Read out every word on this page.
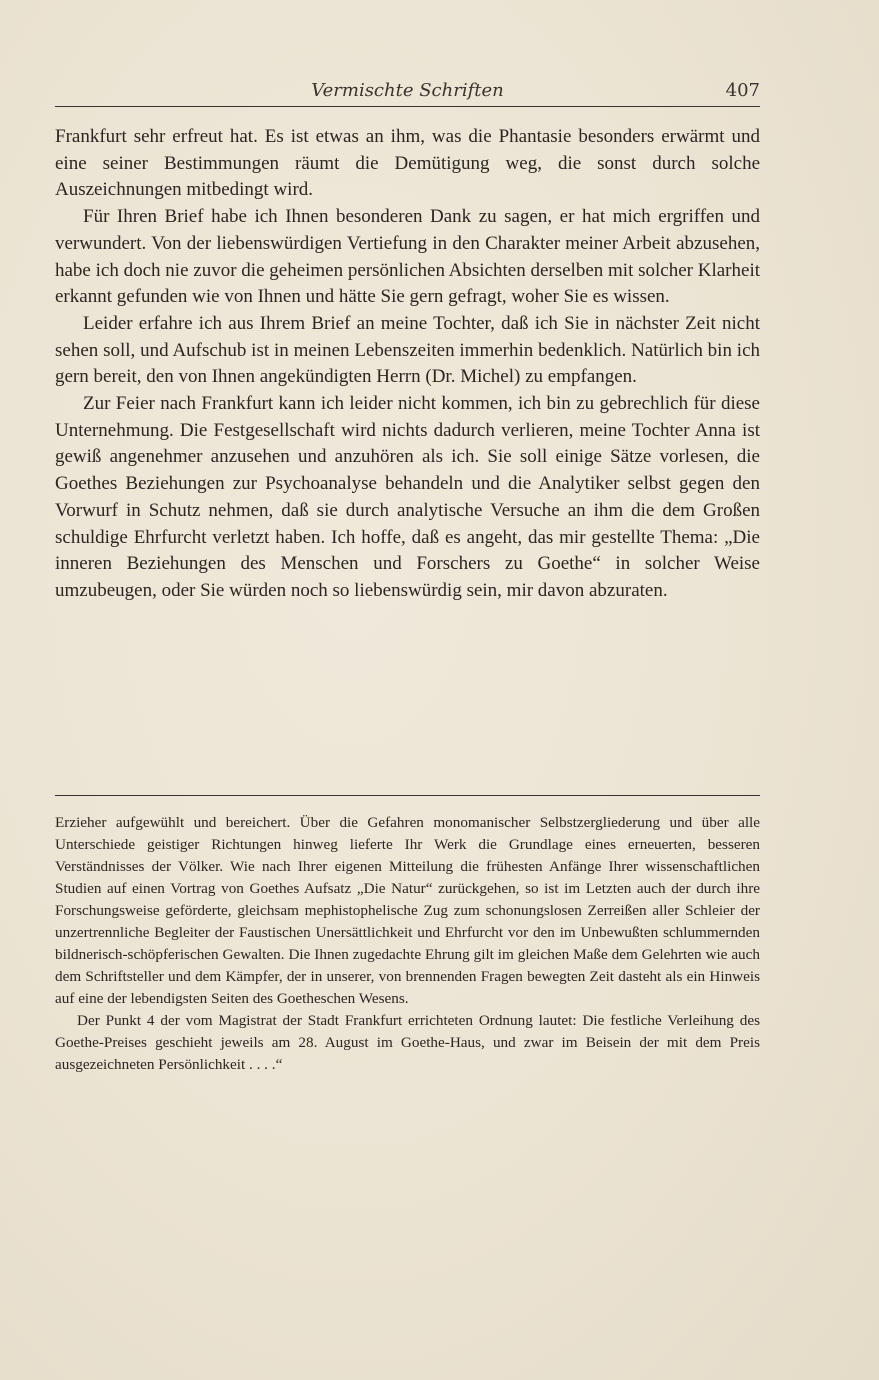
Vermischte Schriften	407

Frankfurt sehr erfreut hat. Es ist etwas an ihm, was die Phantasie besonders erwärmt und eine seiner Bestimmungen räumt die Demütigung weg, die sonst durch solche Auszeichnungen mitbedingt wird.

Für Ihren Brief habe ich Ihnen besonderen Dank zu sagen, er hat mich ergriffen und verwundert. Von der liebenswürdigen Vertiefung in den Charakter meiner Arbeit abzusehen, habe ich doch nie zuvor die geheimen persönlichen Absichten derselben mit solcher Klarheit erkannt gefunden wie von Ihnen und hätte Sie gern gefragt, woher Sie es wissen.

Leider erfahre ich aus Ihrem Brief an meine Tochter, daß ich Sie in nächster Zeit nicht sehen soll, und Aufschub ist in meinen Lebenszeiten immerhin bedenklich. Natürlich bin ich gern bereit, den von Ihnen angekündigten Herrn (Dr. Michel) zu empfangen.

Zur Feier nach Frankfurt kann ich leider nicht kommen, ich bin zu gebrechlich für diese Unternehmung. Die Festgesellschaft wird nichts dadurch verlieren, meine Tochter Anna ist gewiß angenehmer anzusehen und anzuhören als ich. Sie soll einige Sätze vorlesen, die Goethes Beziehungen zur Psychoanalyse behandeln und die Analytiker selbst gegen den Vorwurf in Schutz nehmen, daß sie durch analytische Versuche an ihm die dem Großen schuldige Ehrfurcht verletzt haben. Ich hoffe, daß es angeht, das mir gestellte Thema: „Die inneren Beziehungen des Menschen und Forschers zu Goethe“ in solcher Weise umzubeugen, oder Sie würden noch so liebenswürdig sein, mir davon abzuraten.

Erzieher aufgewühlt und bereichert. Über die Gefahren monomanischer Selbstzergliederung und über alle Unterschiede geistiger Richtungen hinweg lieferte Ihr Werk die Grundlage eines erneuerten, besseren Verständnisses der Völker. Wie nach Ihrer eigenen Mitteilung die frühesten Anfänge Ihrer wissenschaftlichen Studien auf einen Vortrag von Goethes Aufsatz „Die Natur“ zurückgehen, so ist im Letzten auch der durch ihre Forschungsweise geförderte, gleichsam mephistophelische Zug zum schonungslosen Zerreißen aller Schleier der unzertrennliche Begleiter der Faustischen Unersättlichkeit und Ehrfurcht vor den im Unbewußten schlummernden bildnerisch-schöpferischen Gewalten. Die Ihnen zugedachte Ehrung gilt im gleichen Maße dem Gelehrten wie auch dem Schriftsteller und dem Kämpfer, der in unserer, von brennenden Fragen bewegten Zeit dasteht als ein Hinweis auf eine der lebendigsten Seiten des Goetheschen Wesens.

Der Punkt 4 der vom Magistrat der Stadt Frankfurt errichteten Ordnung lautet: Die festliche Verleihung des Goethe-Preises geschieht jeweils am 28. August im Goethe-Haus, und zwar im Beisein der mit dem Preis ausgezeichneten Persönlichkeit . . . .“
